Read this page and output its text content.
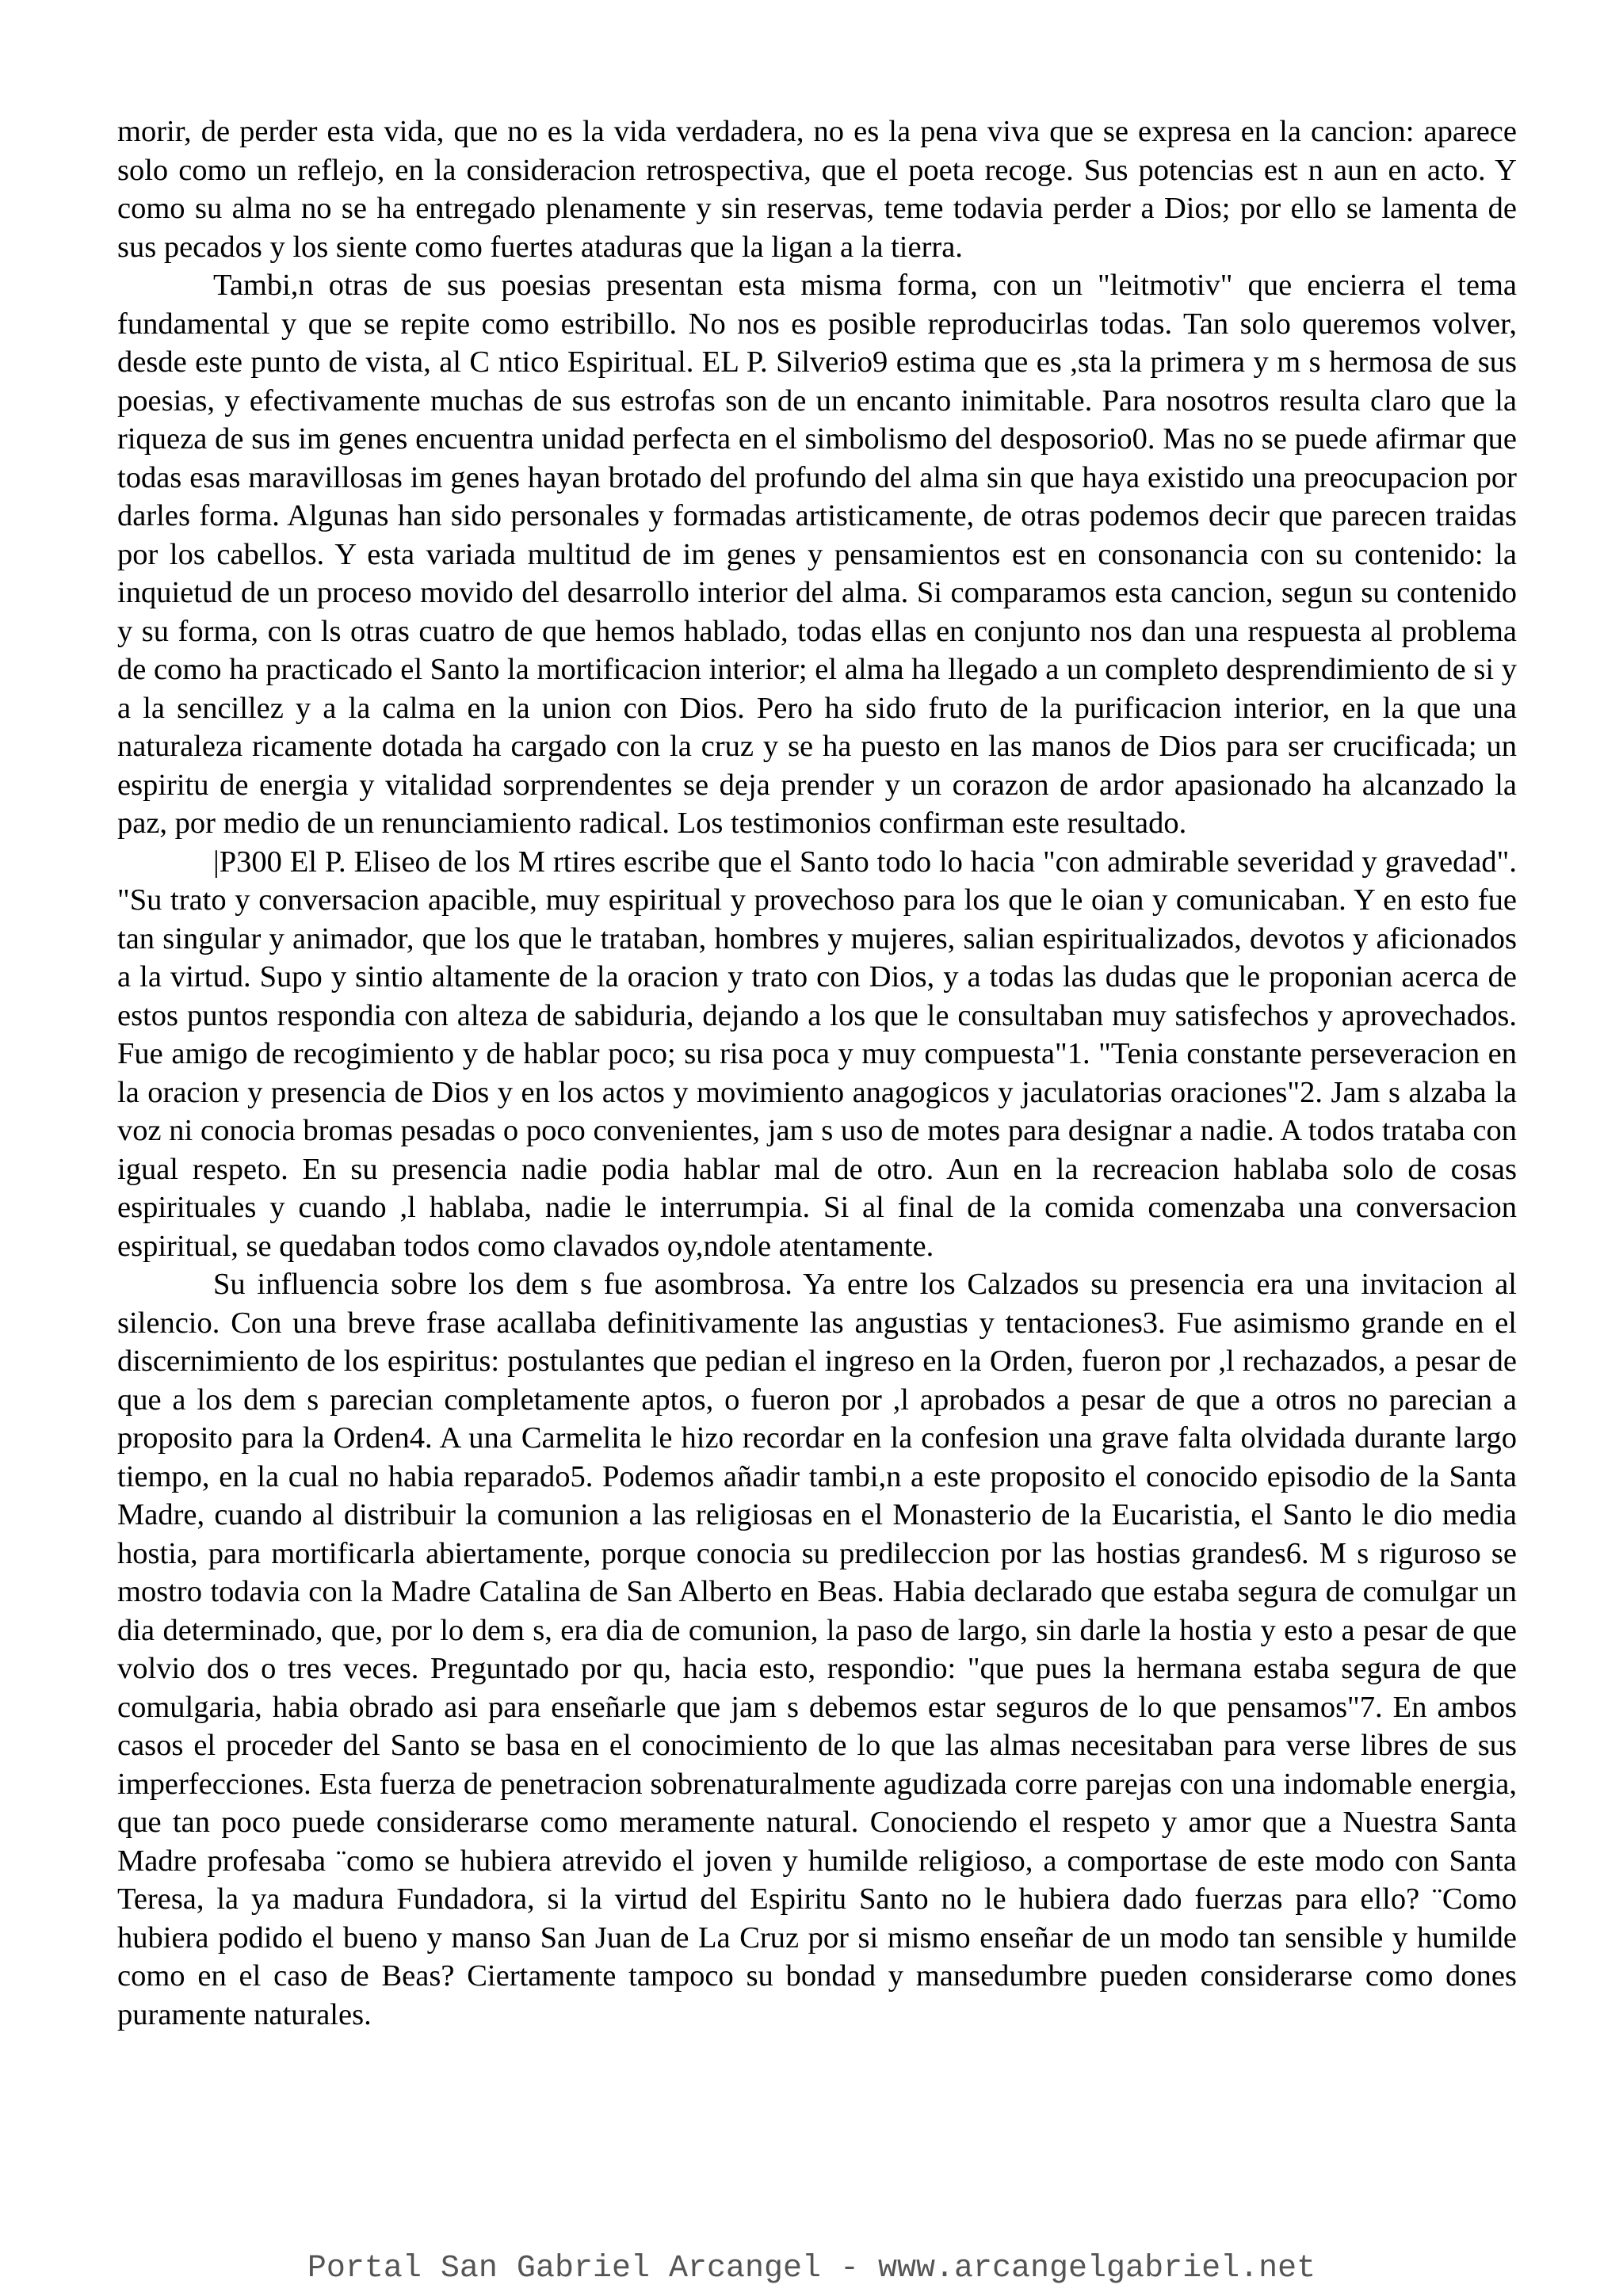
morir, de perder esta vida, que no es la vida verdadera, no es la pena viva que se expresa en la cancion: aparece solo como un reflejo, en la consideracion retrospectiva, que el poeta recoge. Sus potencias est n aun en acto. Y como su alma no se ha entregado plenamente y sin reservas, teme todavia perder a Dios; por ello se lamenta de sus pecados y los siente como fuertes ataduras que la ligan a la tierra.

Tambi,n otras de sus poesias presentan esta misma forma, con un "leitmotiv" que encierra el tema fundamental y que se repite como estribillo. No nos es posible reproducirlas todas. Tan solo queremos volver, desde este punto de vista, al C ntico Espiritual. EL P. Silverio9 estima que es ,sta la primera y m s hermosa de sus poesias, y efectivamente muchas de sus estrofas son de un encanto inimitable. Para nosotros resulta claro que la riqueza de sus im genes encuentra unidad perfecta en el simbolismo del desposorio0. Mas no se puede afirmar que todas esas maravillosas im genes hayan brotado del profundo del alma sin que haya existido una preocupacion por darles forma. Algunas han sido personales y formadas artisticamente, de otras podemos decir que parecen traidas por los cabellos. Y esta variada multitud de im genes y pensamientos est en consonancia con su contenido: la inquietud de un proceso movido del desarrollo interior del alma. Si comparamos esta cancion, segun su contenido y su forma, con ls otras cuatro de que hemos hablado, todas ellas en conjunto nos dan una respuesta al problema de como ha practicado el Santo la mortificacion interior; el alma ha llegado a un completo desprendimiento de si y a la sencillez y a la calma en la union con Dios. Pero ha sido fruto de la purificacion interior, en la que una naturaleza ricamente dotada ha cargado con la cruz y se ha puesto en las manos de Dios para ser crucificada; un espiritu de energia y vitalidad sorprendentes se deja prender y un corazon de ardor apasionado ha alcanzado la paz, por medio de un renunciamiento radical. Los testimonios confirman este resultado.

|P300 El P. Eliseo de los M rtires escribe que el Santo todo lo hacia "con admirable severidad y gravedad". "Su trato y conversacion apacible, muy espiritual y provechoso para los que le oian y comunicaban. Y en esto fue tan singular y animador, que los que le trataban, hombres y mujeres, salian espiritualizados, devotos y aficionados a la virtud. Supo y sintio altamente de la oracion y trato con Dios, y a todas las dudas que le proponian acerca de estos puntos respondia con alteza de sabiduria, dejando a los que le consultaban muy satisfechos y aprovechados. Fue amigo de recogimiento y de hablar poco; su risa poca y muy compuesta"1. "Tenia constante perseveracion en la oracion y presencia de Dios y en los actos y movimiento anagogicos y jaculatorias oraciones"2. Jam s alzaba la voz ni conocia bromas pesadas o poco convenientes, jam s uso de motes para designar a nadie. A todos trataba con igual respeto. En su presencia nadie podia hablar mal de otro. Aun en la recreacion hablaba solo de cosas espirituales y cuando ,l hablaba, nadie le interrumpia. Si al final de la comida comenzaba una conversacion espiritual, se quedaban todos como clavados oy,ndole atentamente.

Su influencia sobre los dem s fue asombrosa. Ya entre los Calzados su presencia era una invitacion al silencio. Con una breve frase acallaba definitivamente las angustias y tentaciones3. Fue asimismo grande en el discernimiento de los espiritus: postulantes que pedian el ingreso en la Orden, fueron por ,l rechazados, a pesar de que a los dem s parecian completamente aptos, o fueron por ,l aprobados a pesar de que a otros no parecian a proposito para la Orden4. A una Carmelita le hizo recordar en la confesion una grave falta olvidada durante largo tiempo, en la cual no habia reparado5. Podemos añadir tambi,n a este proposito el conocido episodio de la Santa Madre, cuando al distribuir la comunion a las religiosas en el Monasterio de la Eucaristia, el Santo le dio media hostia, para mortificarla abiertamente, porque conocia su predileccion por las hostias grandes6. M s riguroso se mostro todavia con la Madre Catalina de San Alberto en Beas. Habia declarado que estaba segura de comulgar un dia determinado, que, por lo dem s, era dia de comunion, la paso de largo, sin darle la hostia y esto a pesar de que volvio dos o tres veces. Preguntado por qu, hacia esto, respondio: "que pues la hermana estaba segura de que comulgaria, habia obrado asi para enseñarle que jam s debemos estar seguros de lo que pensamos"7. En ambos casos el proceder del Santo se basa en el conocimiento de lo que las almas necesitaban para verse libres de sus imperfecciones. Esta fuerza de penetracion sobrenaturalmente agudizada corre parejas con una indomable energia, que tan poco puede considerarse como meramente natural. Conociendo el respeto y amor que a Nuestra Santa Madre profesaba ¨como se hubiera atrevido el joven y humilde religioso, a comportase de este modo con Santa Teresa, la ya madura Fundadora, si la virtud del Espiritu Santo no le hubiera dado fuerzas para ello? ¨Como hubiera podido el bueno y manso San Juan de La Cruz por si mismo enseñar de un modo tan sensible y humilde como en el caso de Beas? Ciertamente tampoco su bondad y mansedumbre pueden considerarse como dones puramente naturales.

Portal San Gabriel Arcangel - www.arcangelgabriel.net
